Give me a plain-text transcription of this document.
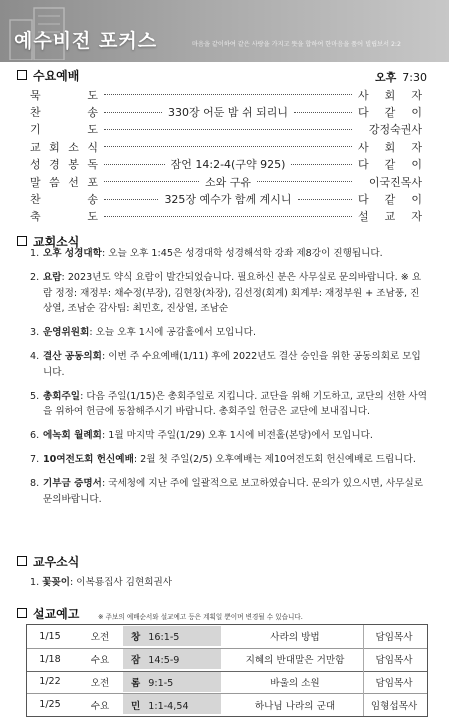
예수비전 포커스	마음을 같이하여 같은 사랑을 가지고 뜻을 합하여 한마음을 품어 빌립보서 2:2
수요예배	오후 7:30
묵	도	사 회 자
찬	송	330장 어둔 밤 쉬 되리니	다 같 이
기	도	강정숙권사
교 회 소 식	사 회 자
성 경 봉 독	잠언 14:2-4(구약 925)	다 같 이
말 씀 선 포	소와 구유	이국진목사
찬	송	325장 예수가 함께 계시니	다 같 이
축	도	설 교 자
교회소식
1. 오후 성경대학: 오늘 오후 1:45은 성경대학 성경해석학 강좌 제8강이 진행됩니다.
2. 요람: 2023년도 약식 요람이 발간되었습니다. 필요하신 분은 사무실로 문의바랍니다. ※ 요람 정정: 재정부: 채수정(부장), 김현창(차장), 김선정(회계) 회계부: 재정부원 + 조남풍, 진상열, 조남순 감사팀: 최민호, 진상열, 조남순
3. 운영위원회: 오늘 오후 1시에 공감홀에서 모입니다.
4. 결산 공동의회: 이번 주 수요예배(1/11) 후에 2022년도 결산 승인을 위한 공동의회로 모입니다.
5. 총회주일: 다음 주일(1/15)은 총회주일로 지킵니다. 교단을 위해 기도하고, 교단의 선한 사역을 위하여 헌금에 동참해주시기 바랍니다. 총회주일 헌금은 교단에 보내집니다.
6. 에녹회 월례회: 1월 마지막 주일(1/29) 오후 1시에 비전홀(본당)에서 모입니다.
7. 10여전도회 헌신예배: 2월 첫 주일(2/5) 오후예배는 제10여전도회 헌신예배로 드립니다.
8. 기부금 증명서: 국세청에 지난 주에 일괄적으로 보고하였습니다. 문의가 있으시면, 사무실로 문의바랍니다.
교우소식
1. 꽃꽂이: 이복룡집사 김현희권사
설교예고	※ 주보의 예배순서와 설교예고 등은 계획일 뿐이며 변경될 수 있습니다.
1/15	오전	창 16:1-5	사라의 방법	담임목사
1/18	수요	잠 14:5-9	지혜의 반대말은 거만함	담임목사
1/22	오전	롬 9:1-5	바울의 소원	담임목사
1/25	수요	민 1:1-4,54	하나님 나라의 군대	임형섭목사
